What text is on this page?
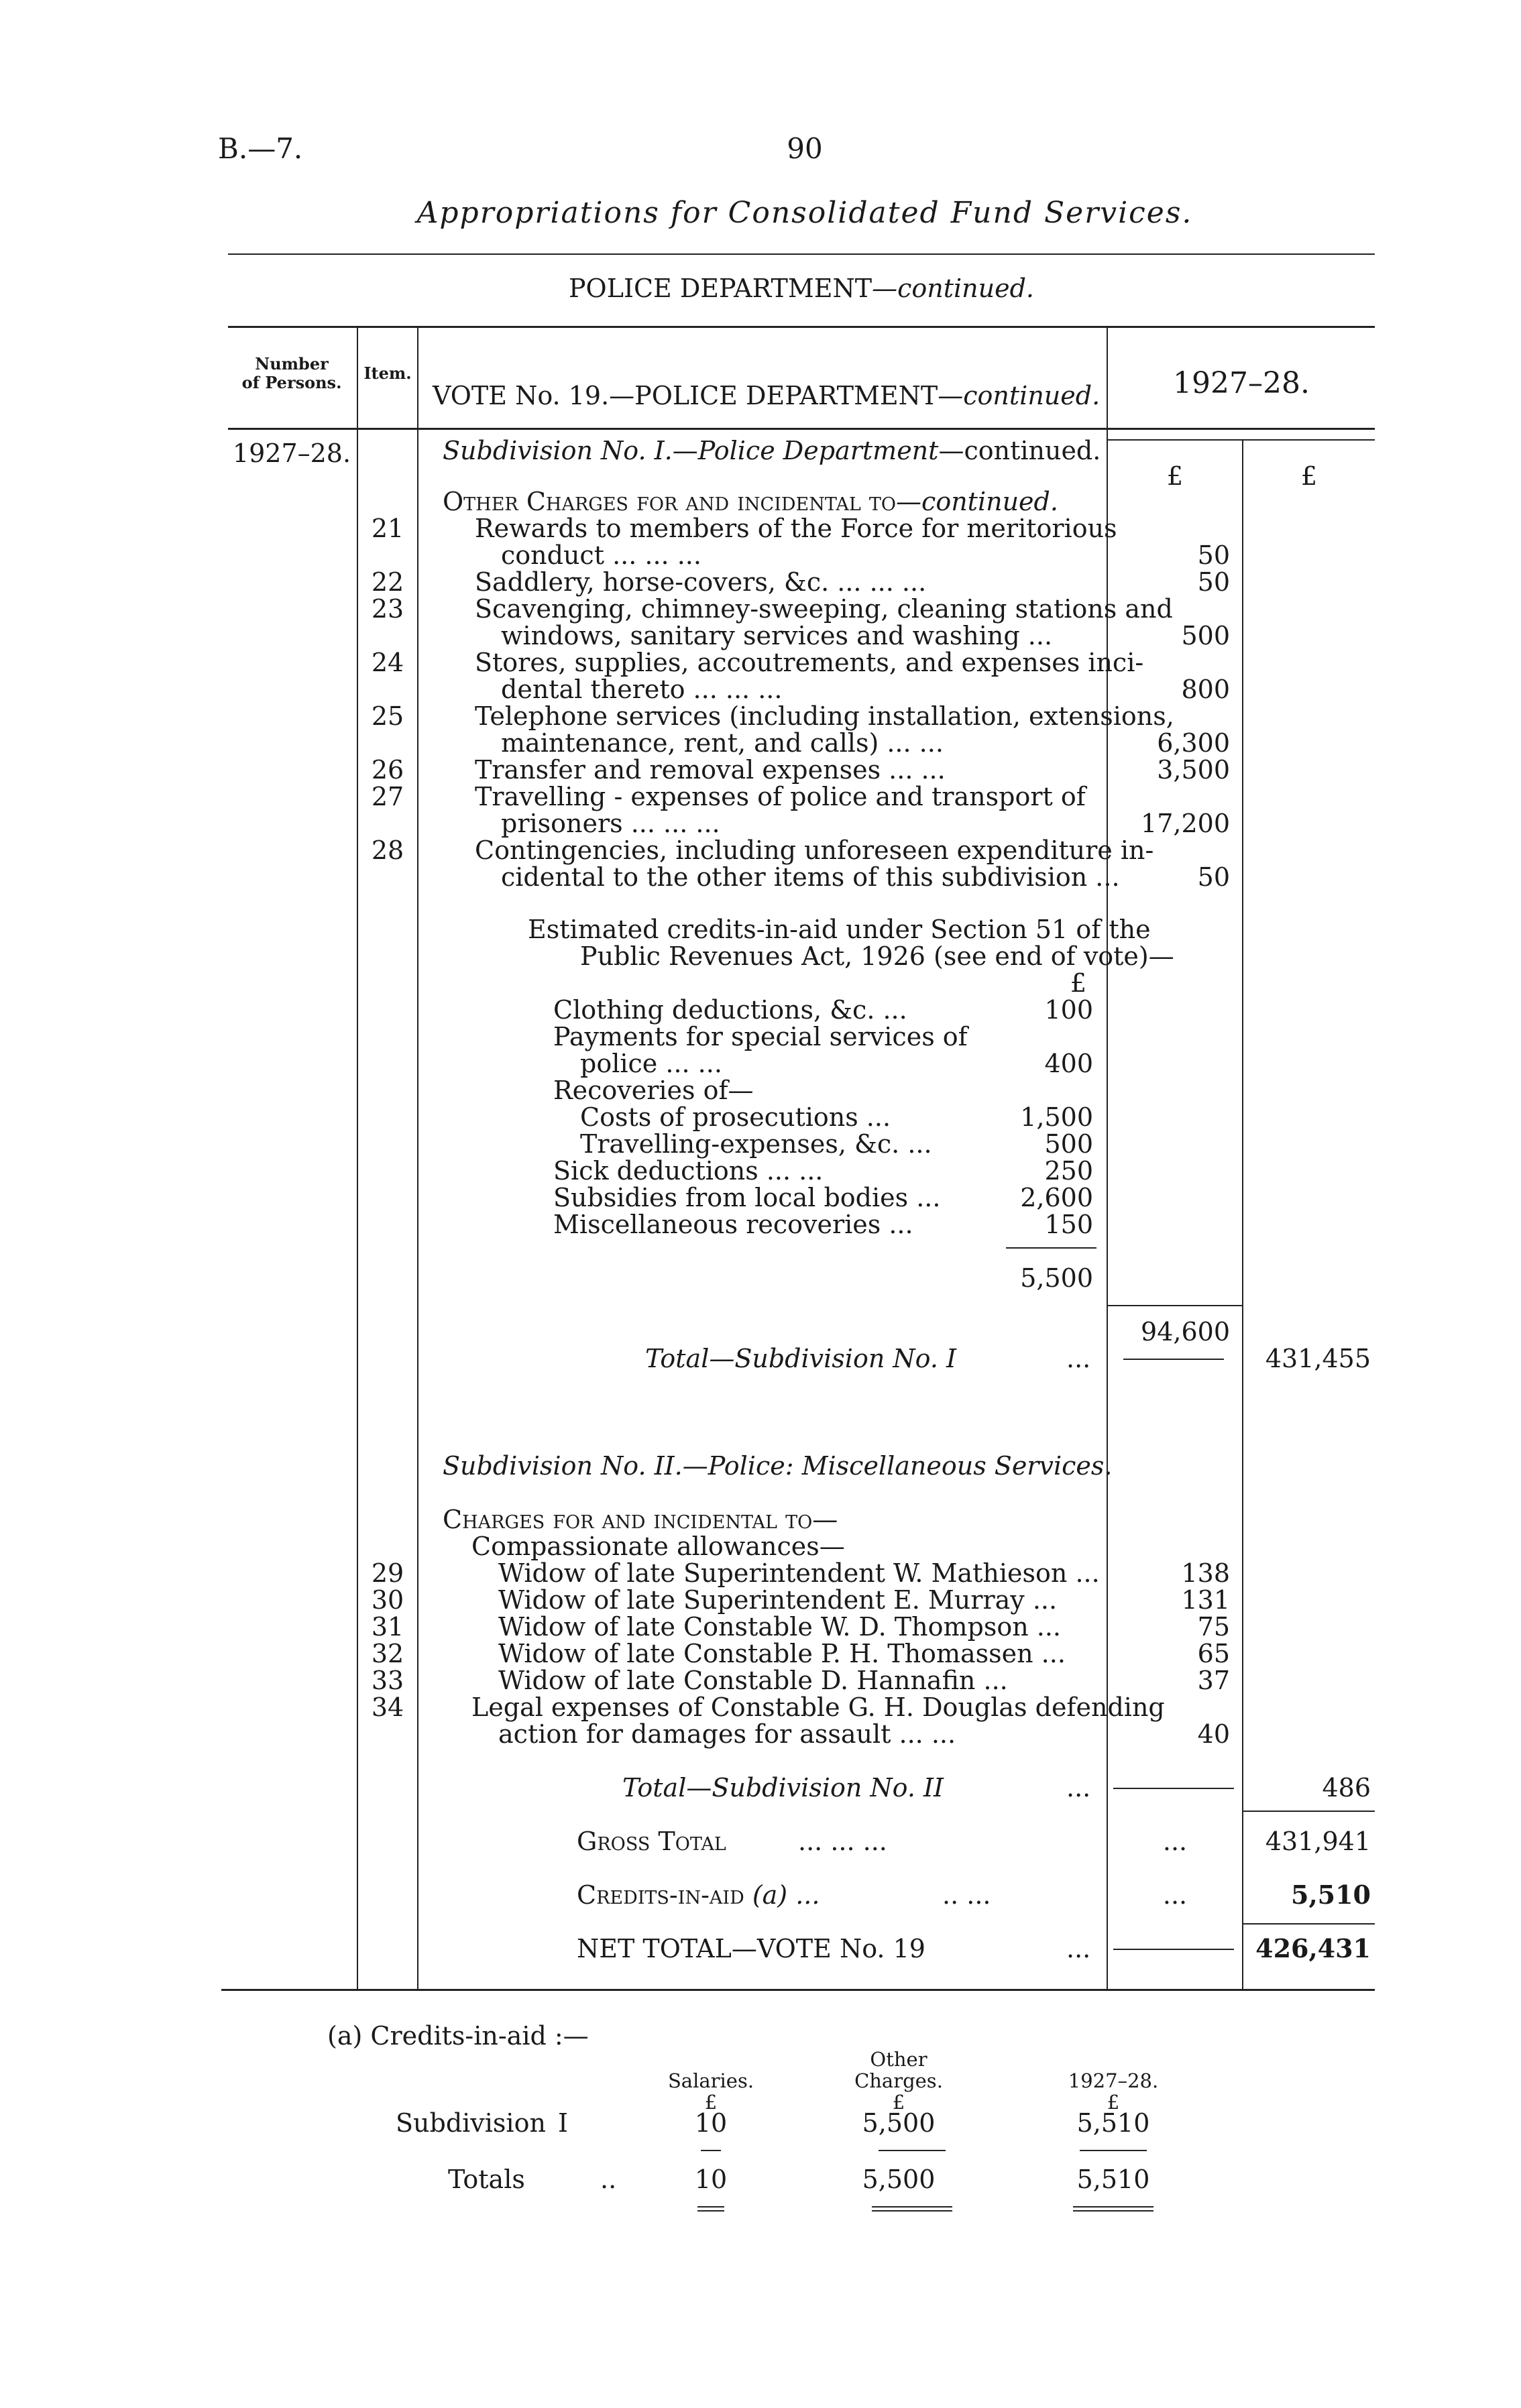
B.—7.	90
Appropriations for Consolidated Fund Services.
POLICE DEPARTMENT—continued.
Number
of Persons.	Item.
VOTE No. 19.—POLICE DEPARTMENT—continued.	1927–28.
1927–28.
£	£
Subdivision No. I.—Police Department—continued.
Other Charges for and incidental to—continued.
21	Rewards to members of the Force for meritorious
conduct ... ... ...	50
22	Saddlery, horse-covers, &c. ... ... ...	50
23	Scavenging, chimney-sweeping, cleaning stations and
windows, sanitary services and washing ...	500
24	Stores, supplies, accoutrements, and expenses inci-
dental thereto ... ... ...	800
25	Telephone services (including installation, extensions,
maintenance, rent, and calls) ... ...	6,300
26	Transfer and removal expenses ... ...	3,500
27	Travelling - expenses of police and transport of
prisoners ... ... ...	17,200
28	Contingencies, including unforeseen expenditure in-
cidental to the other items of this subdivision ...	50
Estimated credits-in-aid under Section 51 of the
Public Revenues Act, 1926 (see end of vote)—
£
Clothing deductions, &c. ...	100
Payments for special services of
police ... ...	400
Recoveries of—
Costs of prosecutions ...	1,500
Travelling-expenses, &c. ...	500
Sick deductions ... ...	250
Subsidies from local bodies ...	2,600
Miscellaneous recoveries ...	150
5,500
94,600
Total—Subdivision No. I	...	431,455
Subdivision No. II.—Police: Miscellaneous Services.
Charges for and incidental to—
Compassionate allowances—
29	Widow of late Superintendent W. Mathieson ...	138
30	Widow of late Superintendent E. Murray ...	131
31	Widow of late Constable W. D. Thompson ...	75
32	Widow of late Constable P. H. Thomassen ...	65
33	Widow of late Constable D. Hannafin ...	37
34	Legal expenses of Constable G. H. Douglas defending
action for damages for assault ... ...	40
Total—Subdivision No. II	...	486
Gross Total	... ... ...	...	431,941
Credits-in-aid (a) ...	.. ...	...	5,510
NET TOTAL—VOTE No. 19	...	426,431
(a) Credits-in-aid :—
Other
Salaries.	Charges.	1927–28.
£	£	£
Subdivision I	10	5,500	5,510
Totals	..	10	5,500	5,510
